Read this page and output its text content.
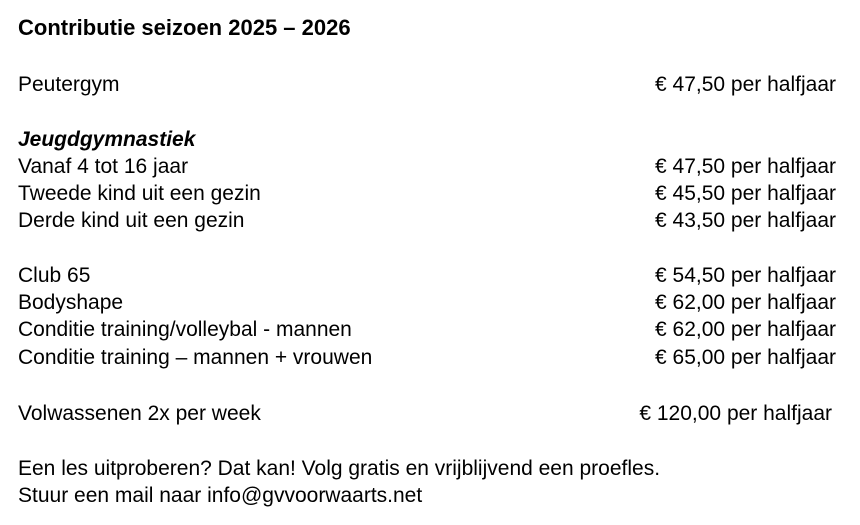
Contributie seizoen 2025 – 2026
Peutergym	€ 47,50 per halfjaar
Jeugdgymnastiek
Vanaf 4 tot 16 jaar	€ 47,50 per halfjaar
Tweede kind uit een gezin	€ 45,50 per halfjaar
Derde kind uit een gezin	€ 43,50 per halfjaar
Club 65	€ 54,50 per halfjaar
Bodyshape	€ 62,00 per halfjaar
Conditie training/volleybal - mannen	€ 62,00 per halfjaar
Conditie training – mannen + vrouwen	€ 65,00 per halfjaar
Volwassenen 2x per week	€ 120,00 per halfjaar
Een les uitproberen? Dat kan! Volg gratis en vrijblijvend een proefles.
Stuur een mail naar info@gvvoorwaarts.net
